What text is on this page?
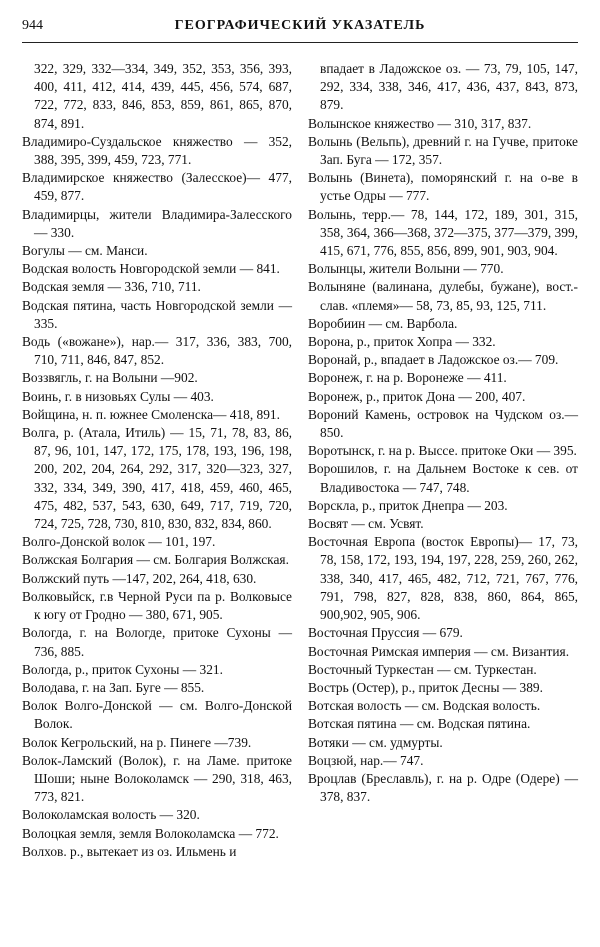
944	ГЕОГРАФИЧЕСКИЙ УКАЗАТЕЛЬ

322, 329, 332—334, 349, 352, 353, 356, 393, 400, 411, 412, 414, 439, 445, 456, 574, 687, 722, 772, 833, 846, 853, 859, 861, 865, 870, 874, 891.

Владимиро-Суздальское княжество — 352, 388, 395, 399, 459, 723, 771.

Владимирское княжество (Залесское)— 477, 459, 877.

Владимирцы, жители Владимира-Залесского — 330.

Вогулы — см. Манси.

Водская волость Новгородской земли — 841.

Водская земля — 336, 710, 711.

Водская пятина, часть Новгородской земли — 335.

Водь («вожане»), нар.— 317, 336, 383, 700, 710, 711, 846, 847, 852.

Воззвягль, г. на Волыни —902.

Воинь, г. в низовьях Сулы — 403.

Войщина, н. п. южнее Смоленска— 418, 891.

Волга, р. (Атала, Итиль) — 15, 71, 78, 83, 86, 87, 96, 101, 147, 172, 175, 178, 193, 196, 198, 200, 202, 204, 264, 292, 317, 320—323, 327, 332, 334, 349, 390, 417, 418, 459, 460, 465, 475, 482, 537, 543, 630, 649, 717, 719, 720, 724, 725, 728, 730, 810, 830, 832, 834, 860.

Волго-Донской волок — 101, 197.

Волжская Болгария — см. Болгария Волжская.

Волжский путь —147, 202, 264, 418, 630.

Волковыйск, г.в Черной Руси па р. Волковысе к югу от Гродно — 380, 671, 905.

Вологда, г. на Вологде, притоке Сухоны — 736, 885.

Вологда, р., приток Сухоны — 321.

Володава, г. на Зап. Буге — 855.

Волок Волго-Донской — см. Волго-Донской Волок.

Волок Кегрольский, на р. Пинеге —739.

Волок-Ламский (Волок), г. на Ламе. притоке Шоши; ныне Волоколамск — 290, 318, 463, 773, 821.

Волоколамская волость — 320.

Волоцкая земля, земля Волоколамска — 772.

Волхов. р., вытекает из оз. Ильмень и

впадает в Ладожское оз. — 73, 79, 105, 147, 292, 334, 338, 346, 417, 436, 437, 843, 873, 879.

Волынское княжество — 310, 317, 837.

Волынь (Вельпь), древний г. на Гучве, притоке Зап. Буга — 172, 357.

Волынь (Винета), поморянский г. на о-ве в устье Одры — 777.

Волынь, терр.— 78, 144, 172, 189, 301, 315, 358, 364, 366—368, 372—375, 377—379, 399, 415, 671, 776, 855, 856, 899, 901, 903, 904.

Волынцы, жители Волыни — 770.

Волыняне (валинана, дулебы, бужане), вост.-слав. «племя»— 58, 73, 85, 93, 125, 711.

Воробиин — см. Варбола.

Ворона, р., приток Хопра — 332.

Воронай, р., впадает в Ладожское оз.— 709.

Воронеж, г. на р. Воронеже — 411.

Воронеж, р., приток Дона — 200, 407.

Вороний Камень, островок на Чудском оз.— 850.

Воротынск, г. на р. Выссе. притоке Оки — 395.

Ворошилов, г. на Дальнем Востоке к сев. от Владивостока — 747, 748.

Ворскла, р., приток Днепра — 203.

Восвят — см. Усвят.

Восточная Европа (восток Европы)— 17, 73, 78, 158, 172, 193, 194, 197, 228, 259, 260, 262, 338, 340, 417, 465, 482, 712, 721, 767, 776, 791, 798, 827, 828, 838, 860, 864, 865, 900,902, 905, 906.

Восточная Пруссия — 679.

Восточная Римская империя — см. Византия.

Восточный Туркестан — см. Туркестан.

Вострь (Остер), р., приток Десны — 389.

Вотская волость — см. Водская волость.

Вотская пятина — см. Водская пятина.

Вотяки — см. удмурты.

Воцзюй, нар.— 747.

Вроцлав (Бреславль), г. на р. Одре (Одере) — 378, 837.
